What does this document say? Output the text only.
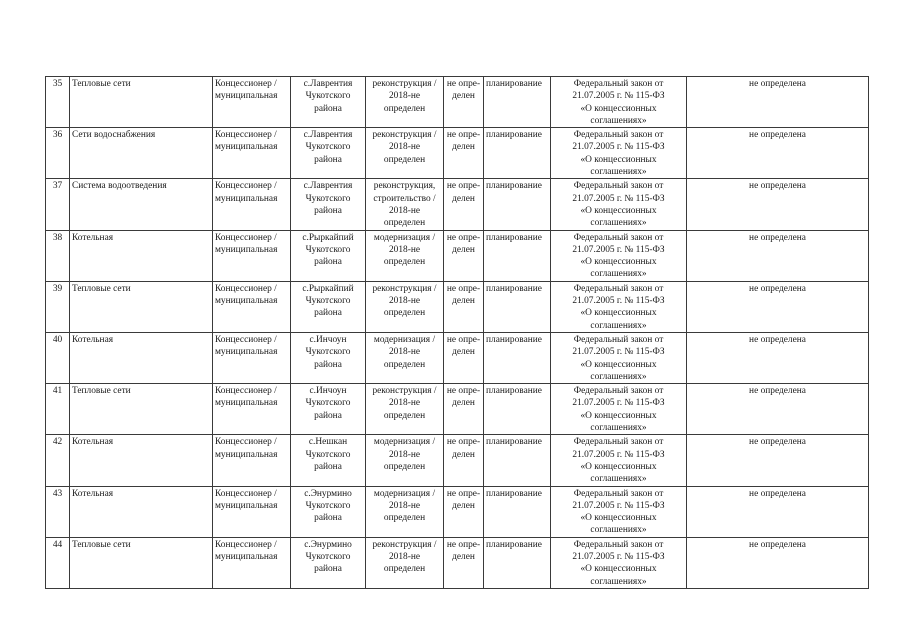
35	Тепловые сети	Концессионер /
муниципальная	с.Лаврентия
Чукотского
района	реконструкция /
2018-не
определен	не опре-
делен	планирование	Федеральный закон от
21.07.2005 г. № 115-ФЗ
«О концессионных
соглашениях»	не определена
36	Сети водоснабжения	Концессионер /
муниципальная	с.Лаврентия
Чукотского
района	реконструкция /
2018-не
определен	не опре-
делен	планирование	Федеральный закон от
21.07.2005 г. № 115-ФЗ
«О концессионных
соглашениях»	не определена
37	Система водоотведения	Концессионер /
муниципальная	с.Лаврентия
Чукотского
района	реконструкция,
строительство /
2018-не
определен	не опре-
делен	планирование	Федеральный закон от
21.07.2005 г. № 115-ФЗ
«О концессионных
соглашениях»	не определена
38	Котельная	Концессионер /
муниципальная	с.Рыркайпий
Чукотского
района	модернизация /
2018-не
определен	не опре-
делен	планирование	Федеральный закон от
21.07.2005 г. № 115-ФЗ
«О концессионных
соглашениях»	не определена
39	Тепловые сети	Концессионер /
муниципальная	с.Рыркайпий
Чукотского
района	реконструкция /
2018-не
определен	не опре-
делен	планирование	Федеральный закон от
21.07.2005 г. № 115-ФЗ
«О концессионных
соглашениях»	не определена
40	Котельная	Концессионер /
муниципальная	с.Инчоун
Чукотского
района	модернизация /
2018-не
определен	не опре-
делен	планирование	Федеральный закон от
21.07.2005 г. № 115-ФЗ
«О концессионных
соглашениях»	не определена
41	Тепловые сети	Концессионер /
муниципальная	с.Инчоун
Чукотского
района	реконструкция /
2018-не
определен	не опре-
делен	планирование	Федеральный закон от
21.07.2005 г. № 115-ФЗ
«О концессионных
соглашениях»	не определена
42	Котельная	Концессионер /
муниципальная	с.Нешкан
Чукотского
района	модернизация /
2018-не
определен	не опре-
делен	планирование	Федеральный закон от
21.07.2005 г. № 115-ФЗ
«О концессионных
соглашениях»	не определена
43	Котельная	Концессионер /
муниципальная	с.Энурмино
Чукотского
района	модернизация /
2018-не
определен	не опре-
делен	планирование	Федеральный закон от
21.07.2005 г. № 115-ФЗ
«О концессионных
соглашениях»	не определена
44	Тепловые сети	Концессионер /
муниципальная	с.Энурмино
Чукотского
района	реконструкция /
2018-не
определен	не опре-
делен	планирование	Федеральный закон от
21.07.2005 г. № 115-ФЗ
«О концессионных
соглашениях»	не определена
